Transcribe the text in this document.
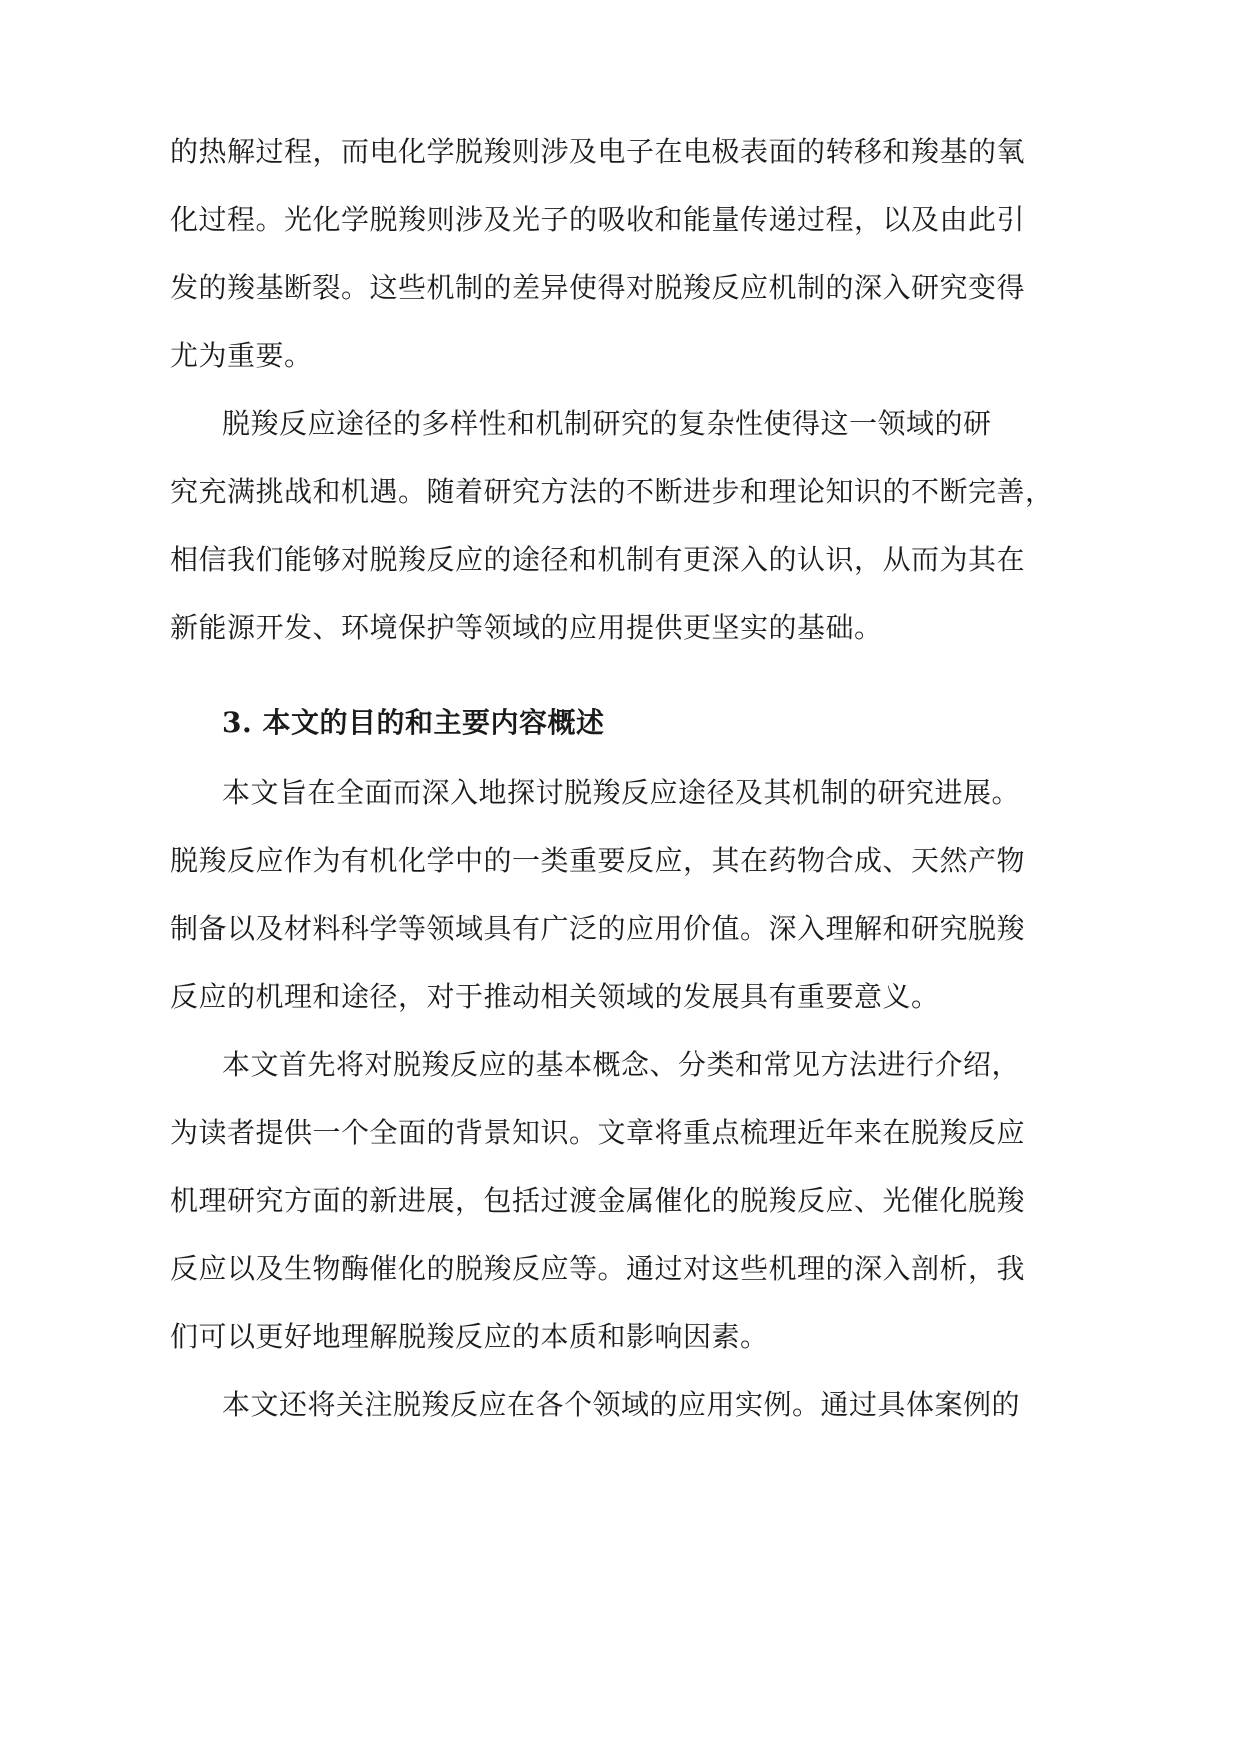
的热解过程，而电化学脱羧则涉及电子在电极表面的转移和羧基的氧
化过程。光化学脱羧则涉及光子的吸收和能量传递过程，以及由此引
发的羧基断裂。这些机制的差异使得对脱羧反应机制的深入研究变得
尤为重要。
脱羧反应途径的多样性和机制研究的复杂性使得这一领域的研
究充满挑战和机遇。随着研究方法的不断进步和理论知识的不断完善，
相信我们能够对脱羧反应的途径和机制有更深入的认识，从而为其在
新能源开发、环境保护等领域的应用提供更坚实的基础。
3. 本文的目的和主要内容概述
本文旨在全面而深入地探讨脱羧反应途径及其机制的研究进展。
脱羧反应作为有机化学中的一类重要反应，其在药物合成、天然产物
制备以及材料科学等领域具有广泛的应用价值。深入理解和研究脱羧
反应的机理和途径，对于推动相关领域的发展具有重要意义。
本文首先将对脱羧反应的基本概念、分类和常见方法进行介绍，
为读者提供一个全面的背景知识。文章将重点梳理近年来在脱羧反应
机理研究方面的新进展，包括过渡金属催化的脱羧反应、光催化脱羧
反应以及生物酶催化的脱羧反应等。通过对这些机理的深入剖析，我
们可以更好地理解脱羧反应的本质和影响因素。
本文还将关注脱羧反应在各个领域的应用实例。通过具体案例的
